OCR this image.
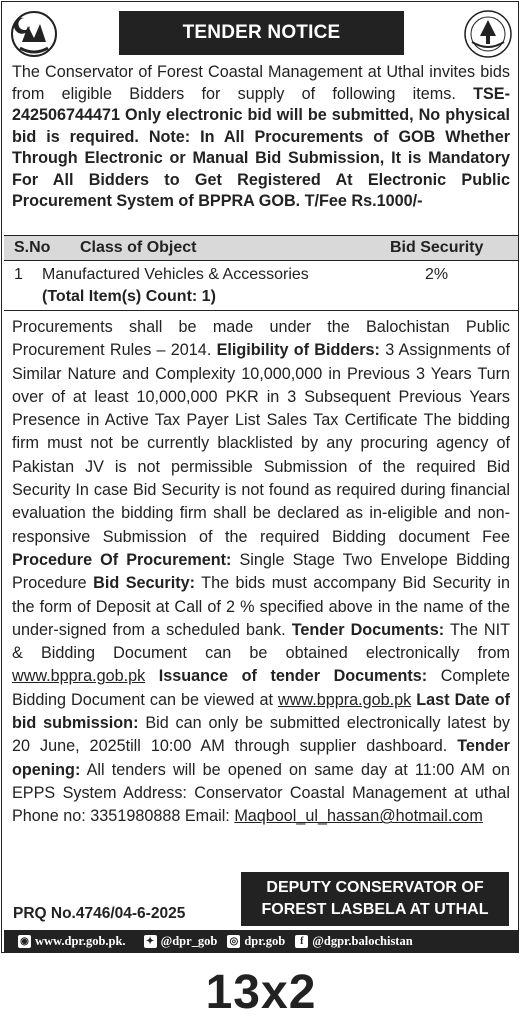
TENDER NOTICE
The Conservator of Forest Coastal Management at Uthal invites bids from eligible Bidders for supply of following items. TSE-242506744471 Only electronic bid will be submitted, No physical bid is required. Note: In All Procurements of GOB Whether Through Electronic or Manual Bid Submission, It is Mandatory For All Bidders to Get Registered At Electronic Public Procurement System of BPPRA GOB. T/Fee Rs.1000/-
S.No Class of Object	Bid Security
1 Manufactured Vehicles & Accessories	2%
(Total Item(s) Count: 1)
Procurements shall be made under the Balochistan Public Procurement Rules – 2014. Eligibility of Bidders: 3 Assignments of Similar Nature and Complexity 10,000,000 in Previous 3 Years Turn over of at least 10,000,000 PKR in 3 Subsequent Previous Years Presence in Active Tax Payer List Sales Tax Certificate The bidding firm must not be currently blacklisted by any procuring agency of Pakistan JV is not permissible Submission of the required Bid Security In case Bid Security is not found as required during financial evaluation the bidding firm shall be declared as in-eligible and non-responsive Submission of the required Bidding document Fee Procedure Of Procurement: Single Stage Two Envelope Bidding Procedure Bid Security: The bids must accompany Bid Security in the form of Deposit at Call of 2 % specified above in the name of the under-signed from a scheduled bank. Tender Documents: The NIT & Bidding Document can be obtained electronically from www.bppra.gob.pk Issuance of tender Documents: Complete Bidding Document can be viewed at www.bppra.gob.pk Last Date of bid submission: Bid can only be submitted electronically latest by 20 June, 2025till 10:00 AM through supplier dashboard. Tender opening: All tenders will be opened on same day at 11:00 AM on EPPS System Address: Conservator Coastal Management at uthal Phone no: 3351980888 Email: Maqbool_ul_hassan@hotmail.com
PRQ No.4746/04-6-2025
DEPUTY CONSERVATOR OF
FOREST LASBELA AT UTHAL
◉ www.dpr.gob.pk. ✦ @dpr_gob ◎ dpr.gob	f @dgpr.balochistan
13x2
